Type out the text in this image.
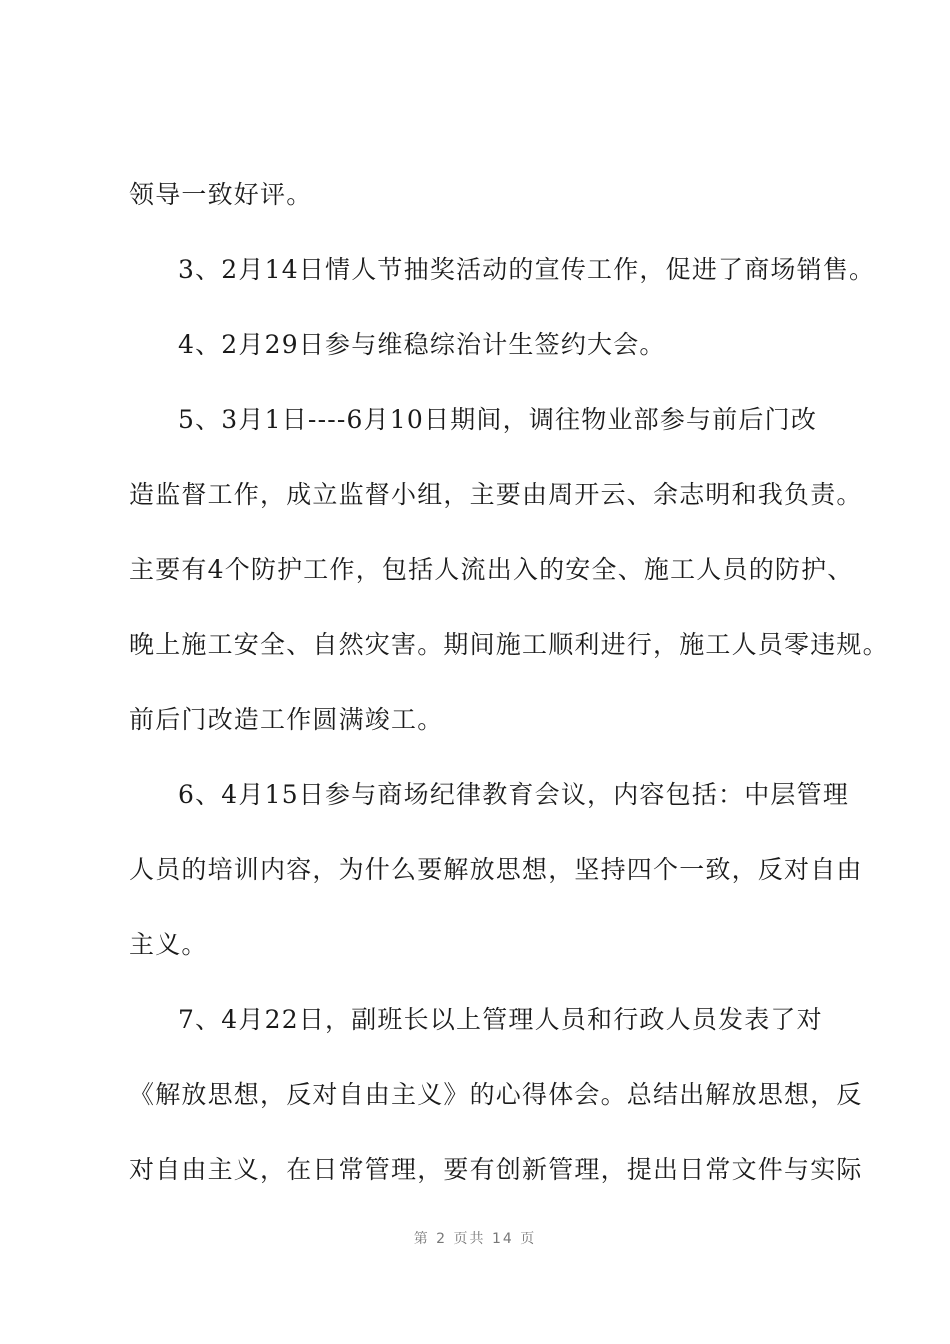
领导一致好评。
3、2月14日情人节抽奖活动的宣传工作，促进了商场销售。
4、2月29日参与维稳综治计生签约大会。
5、3月1日----6月10日期间，调往物业部参与前后门改
造监督工作，成立监督小组，主要由周开云、余志明和我负责。
主要有4个防护工作，包括人流出入的安全、施工人员的防护、
晚上施工安全、自然灾害。期间施工顺利进行，施工人员零违规。
前后门改造工作圆满竣工。
6、4月15日参与商场纪律教育会议，内容包括：中层管理
人员的培训内容，为什么要解放思想，坚持四个一致，反对自由
主义。
7、4月22日，副班长以上管理人员和行政人员发表了对
《解放思想，反对自由主义》的心得体会。总结出解放思想，反
对自由主义，在日常管理，要有创新管理，提出日常文件与实际
第 2 页共 14 页
